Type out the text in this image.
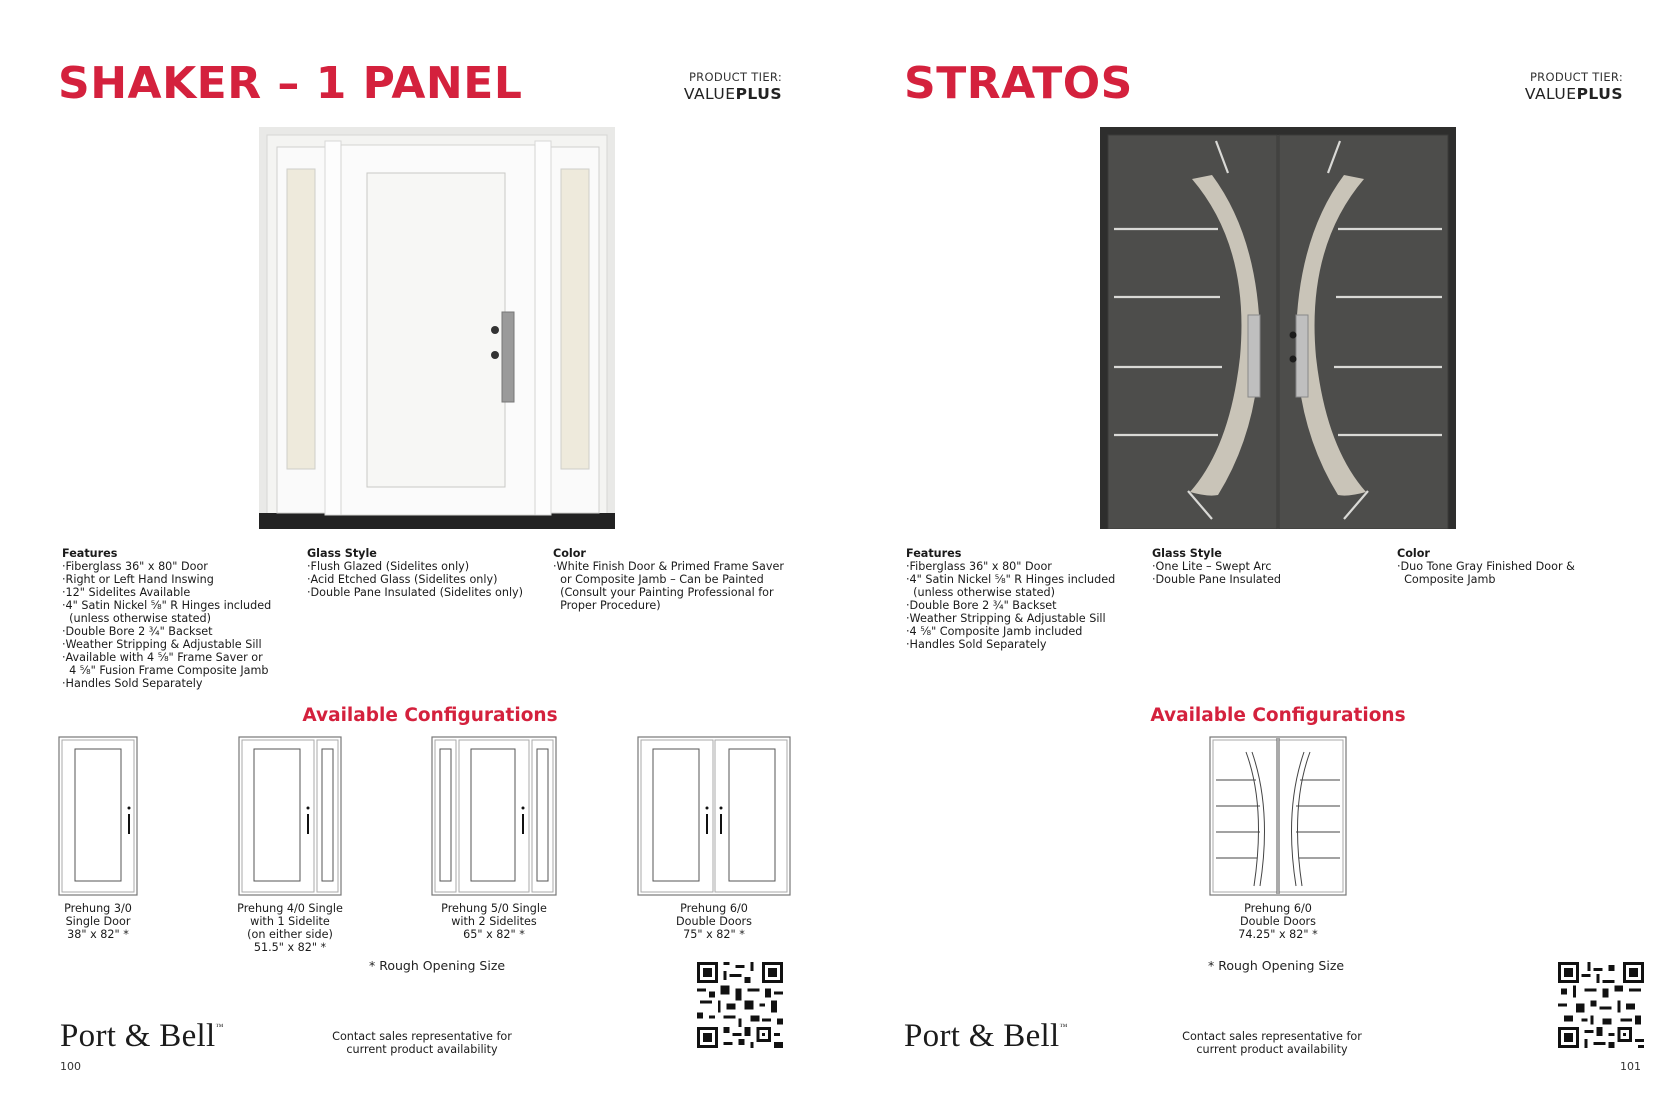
SHAKER – 1 PANEL	PRODUCT TIER:
VALUEPLUS
Features
·Fiberglass 36" x 80" Door
·Right or Left Hand Inswing
·12" Sidelites Available
·4" Satin Nickel ⅝" R Hinges included
(unless otherwise stated)
·Double Bore 2 ¾" Backset
·Weather Stripping & Adjustable Sill
·Available with 4 ⅝" Frame Saver or
4 ⅝" Fusion Frame Composite Jamb
·Handles Sold Separately
Glass Style
·Flush Glazed (Sidelites only)
·Acid Etched Glass (Sidelites only)
·Double Pane Insulated (Sidelites only)
Color
·White Finish Door & Primed Frame Saver
or Composite Jamb – Can be Painted
(Consult your Painting Professional for
Proper Procedure)
Available Configurations
Prehung 3/0
Single Door
38" x 82" *
Prehung 4/0 Single
with 1 Sidelite
(on either side)
51.5" x 82" *
Prehung 5/0 Single
with 2 Sidelites
65" x 82" *
Prehung 6/0
Double Doors
75" x 82" *
* Rough Opening Size
Port & Bell™
Contact sales representative for
current product availability
100
STRATOS	PRODUCT TIER:
VALUEPLUS
Features
·Fiberglass 36" x 80" Door
·4" Satin Nickel ⅝" R Hinges included
(unless otherwise stated)
·Double Bore 2 ¾" Backset
·Weather Stripping & Adjustable Sill
·4 ⅝" Composite Jamb included
·Handles Sold Separately
Glass Style
·One Lite – Swept Arc
·Double Pane Insulated
Color
·Duo Tone Gray Finished Door &
Composite Jamb
Available Configurations
Prehung 6/0
Double Doors
74.25" x 82" *
* Rough Opening Size
Port & Bell™
Contact sales representative for
current product availability
101
